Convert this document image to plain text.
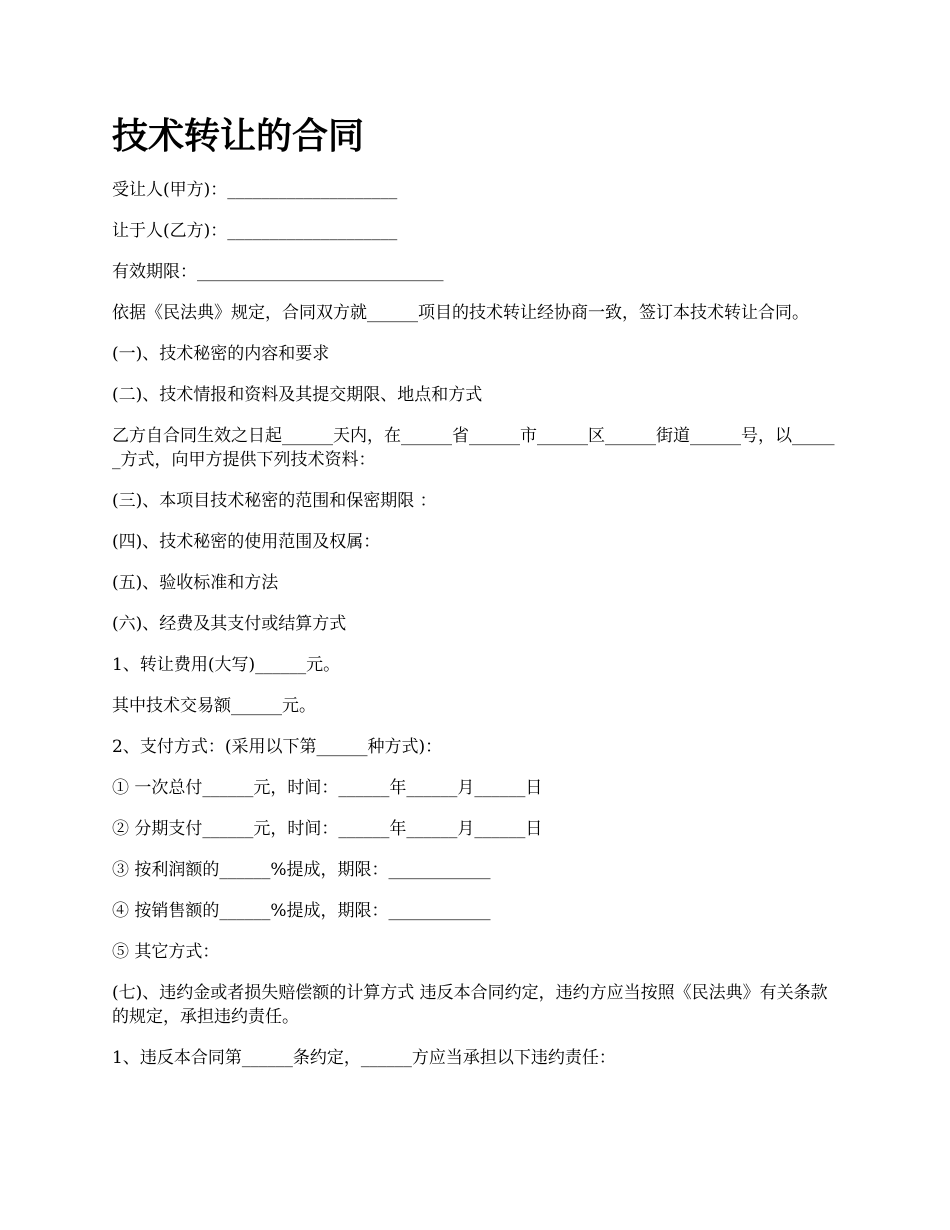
技术转让的合同

受让人(甲方)：____________________

让于人(乙方)：____________________

有效期限：_____________________________

依据《民法典》规定，合同双方就______项目的技术转让经协商一致，签订本技术转让合同。

(一)、技术秘密的内容和要求

(二)、技术情报和资料及其提交期限、地点和方式

乙方自合同生效之日起______天内，在______省______市______区______街道______号，以______方式，向甲方提供下列技术资料：

(三)、本项目技术秘密的范围和保密期限 ：

(四)、技术秘密的使用范围及权属：

(五)、验收标准和方法

(六)、经费及其支付或结算方式

1、转让费用(大写)______元。

其中技术交易额______元。

2、支付方式：(采用以下第______种方式)：

① 一次总付______元，时间：______年______月______日

② 分期支付______元，时间：______年______月______日

③ 按利润额的______%提成，期限：____________

④ 按销售额的______%提成，期限：____________

⑤ 其它方式：

(七)、违约金或者损失赔偿额的计算方式 违反本合同约定，违约方应当按照《民法典》有关条款的规定，承担违约责任。

1、违反本合同第______条约定，______方应当承担以下违约责任：
